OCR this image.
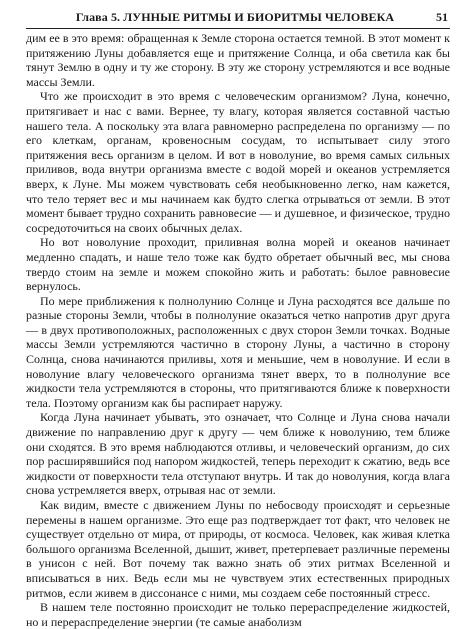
Глава 5. ЛУННЫЕ РИТМЫ И БИОРИТМЫ ЧЕЛОВЕКА	51

дим ее в это время: обращенная к Земле сторона остается темной. В этот момент к притяжению Луны добавляется еще и притяжение Солнца, и оба светила как бы тянут Землю в одну и ту же сторону. В эту же сторону устремляются и все водные массы Земли.

Что же происходит в это время с человеческим организмом? Луна, конечно, притягивает и нас с вами. Вернее, ту влагу, которая является составной частью нашего тела. А поскольку эта влага равномерно распределена по организму — по его клеткам, органам, кровеносным сосудам, то испытывает силу этого притяжения весь организм в целом. И вот в новолуние, во время самых сильных приливов, вода внутри организма вместе с водой морей и океанов устремляется вверх, к Луне. Мы можем чувствовать себя необыкновенно легко, нам кажется, что тело теряет вес и мы начинаем как будто слегка отрываться от земли. В этот момент бывает трудно сохранить равновесие — и душевное, и физическое, трудно сосредоточиться на своих обычных делах.

Но вот новолуние проходит, приливная волна морей и океанов начинает медленно спадать, и наше тело тоже как будто обретает обычный вес, мы снова твердо стоим на земле и можем спокойно жить и работать: былое равновесие вернулось.

По мере приближения к полнолунию Солнце и Луна расходятся все дальше по разные стороны Земли, чтобы в полнолуние оказаться четко напротив друг друга — в двух противоположных, расположенных с двух сторон Земли точках. Водные массы Земли устремляются частично в сторону Луны, а частично в сторону Солнца, снова начинаются приливы, хотя и меньшие, чем в новолуние. И если в новолуние влагу человеческого организма тянет вверх, то в полнолуние все жидкости тела устремляются в стороны, что притягиваются ближе к поверхности тела. Поэтому организм как бы распирает наружу.

Когда Луна начинает убывать, это означает, что Солнце и Луна снова начали движение по направлению друг к другу — чем ближе к новолунию, тем ближе они сходятся. В это время наблюдаются отливы, и человеческий организм, до сих пор расширявшийся под напором жидкостей, теперь переходит к сжатию, ведь все жидкости от поверхности тела отступают внутрь. И так до новолуния, когда влага снова устремляется вверх, отрывая нас от земли.

Как видим, вместе с движением Луны по небосводу происходят и серьезные перемены в нашем организме. Это еще раз подтверждает тот факт, что человек не существует отдельно от мира, от природы, от космоса. Человек, как живая клетка большого организма Вселенной, дышит, живет, претерпевает различные перемены в унисон с ней. Вот почему так важно знать об этих ритмах Вселенной и вписываться в них. Ведь если мы не чувствуем этих естественных природных ритмов, если живем в диссонансе с ними, мы создаем себе постоянный стресс.

В нашем теле постоянно происходит не только перераспределение жидкостей, но и перераспределение энергии (те самые анаболизм
